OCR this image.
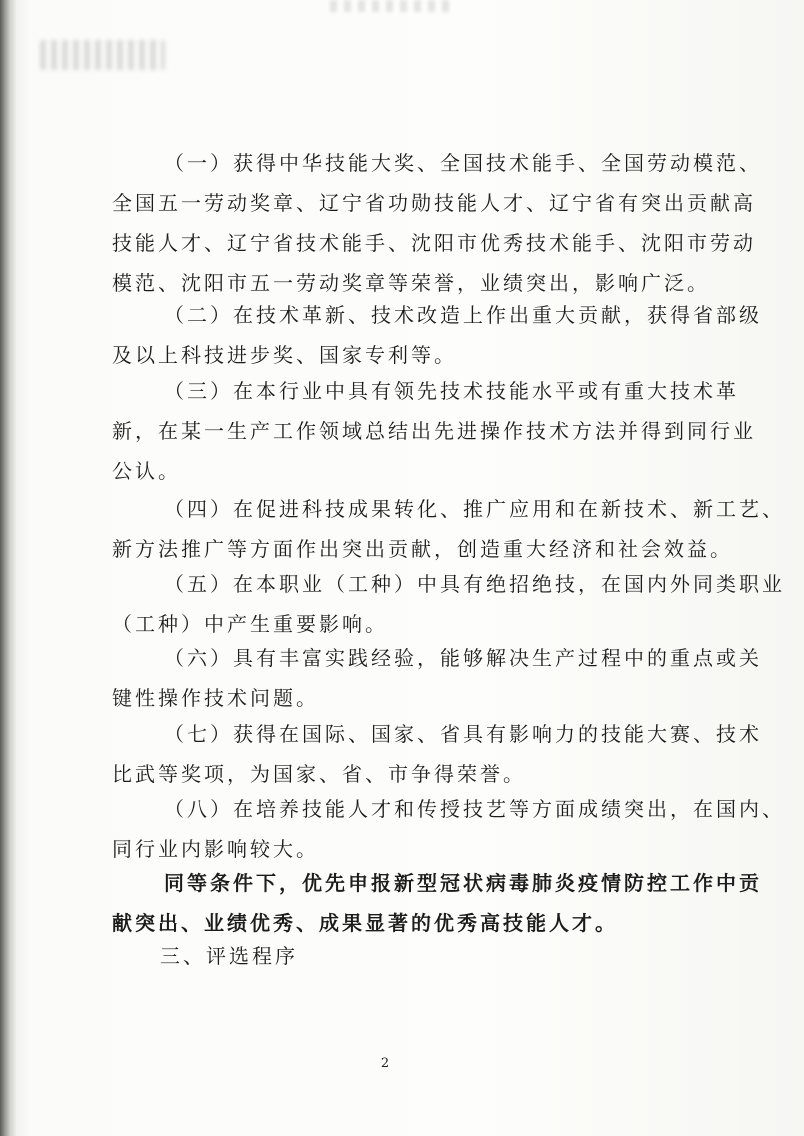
（一）获得中华技能大奖、全国技术能手、全国劳动模范、
全国五一劳动奖章、辽宁省功勋技能人才、辽宁省有突出贡献高
技能人才、辽宁省技术能手、沈阳市优秀技术能手、沈阳市劳动
模范、沈阳市五一劳动奖章等荣誉，业绩突出，影响广泛。
（二）在技术革新、技术改造上作出重大贡献，获得省部级
及以上科技进步奖、国家专利等。
（三）在本行业中具有领先技术技能水平或有重大技术革
新，在某一生产工作领域总结出先进操作技术方法并得到同行业
公认。
（四）在促进科技成果转化、推广应用和在新技术、新工艺、
新方法推广等方面作出突出贡献，创造重大经济和社会效益。
（五）在本职业（工种）中具有绝招绝技，在国内外同类职业
（工种）中产生重要影响。
（六）具有丰富实践经验，能够解决生产过程中的重点或关
键性操作技术问题。
（七）获得在国际、国家、省具有影响力的技能大赛、技术
比武等奖项，为国家、省、市争得荣誉。
（八）在培养技能人才和传授技艺等方面成绩突出，在国内、
同行业内影响较大。
同等条件下，优先申报新型冠状病毒肺炎疫情防控工作中贡
献突出、业绩优秀、成果显著的优秀高技能人才。
三、评选程序
2
